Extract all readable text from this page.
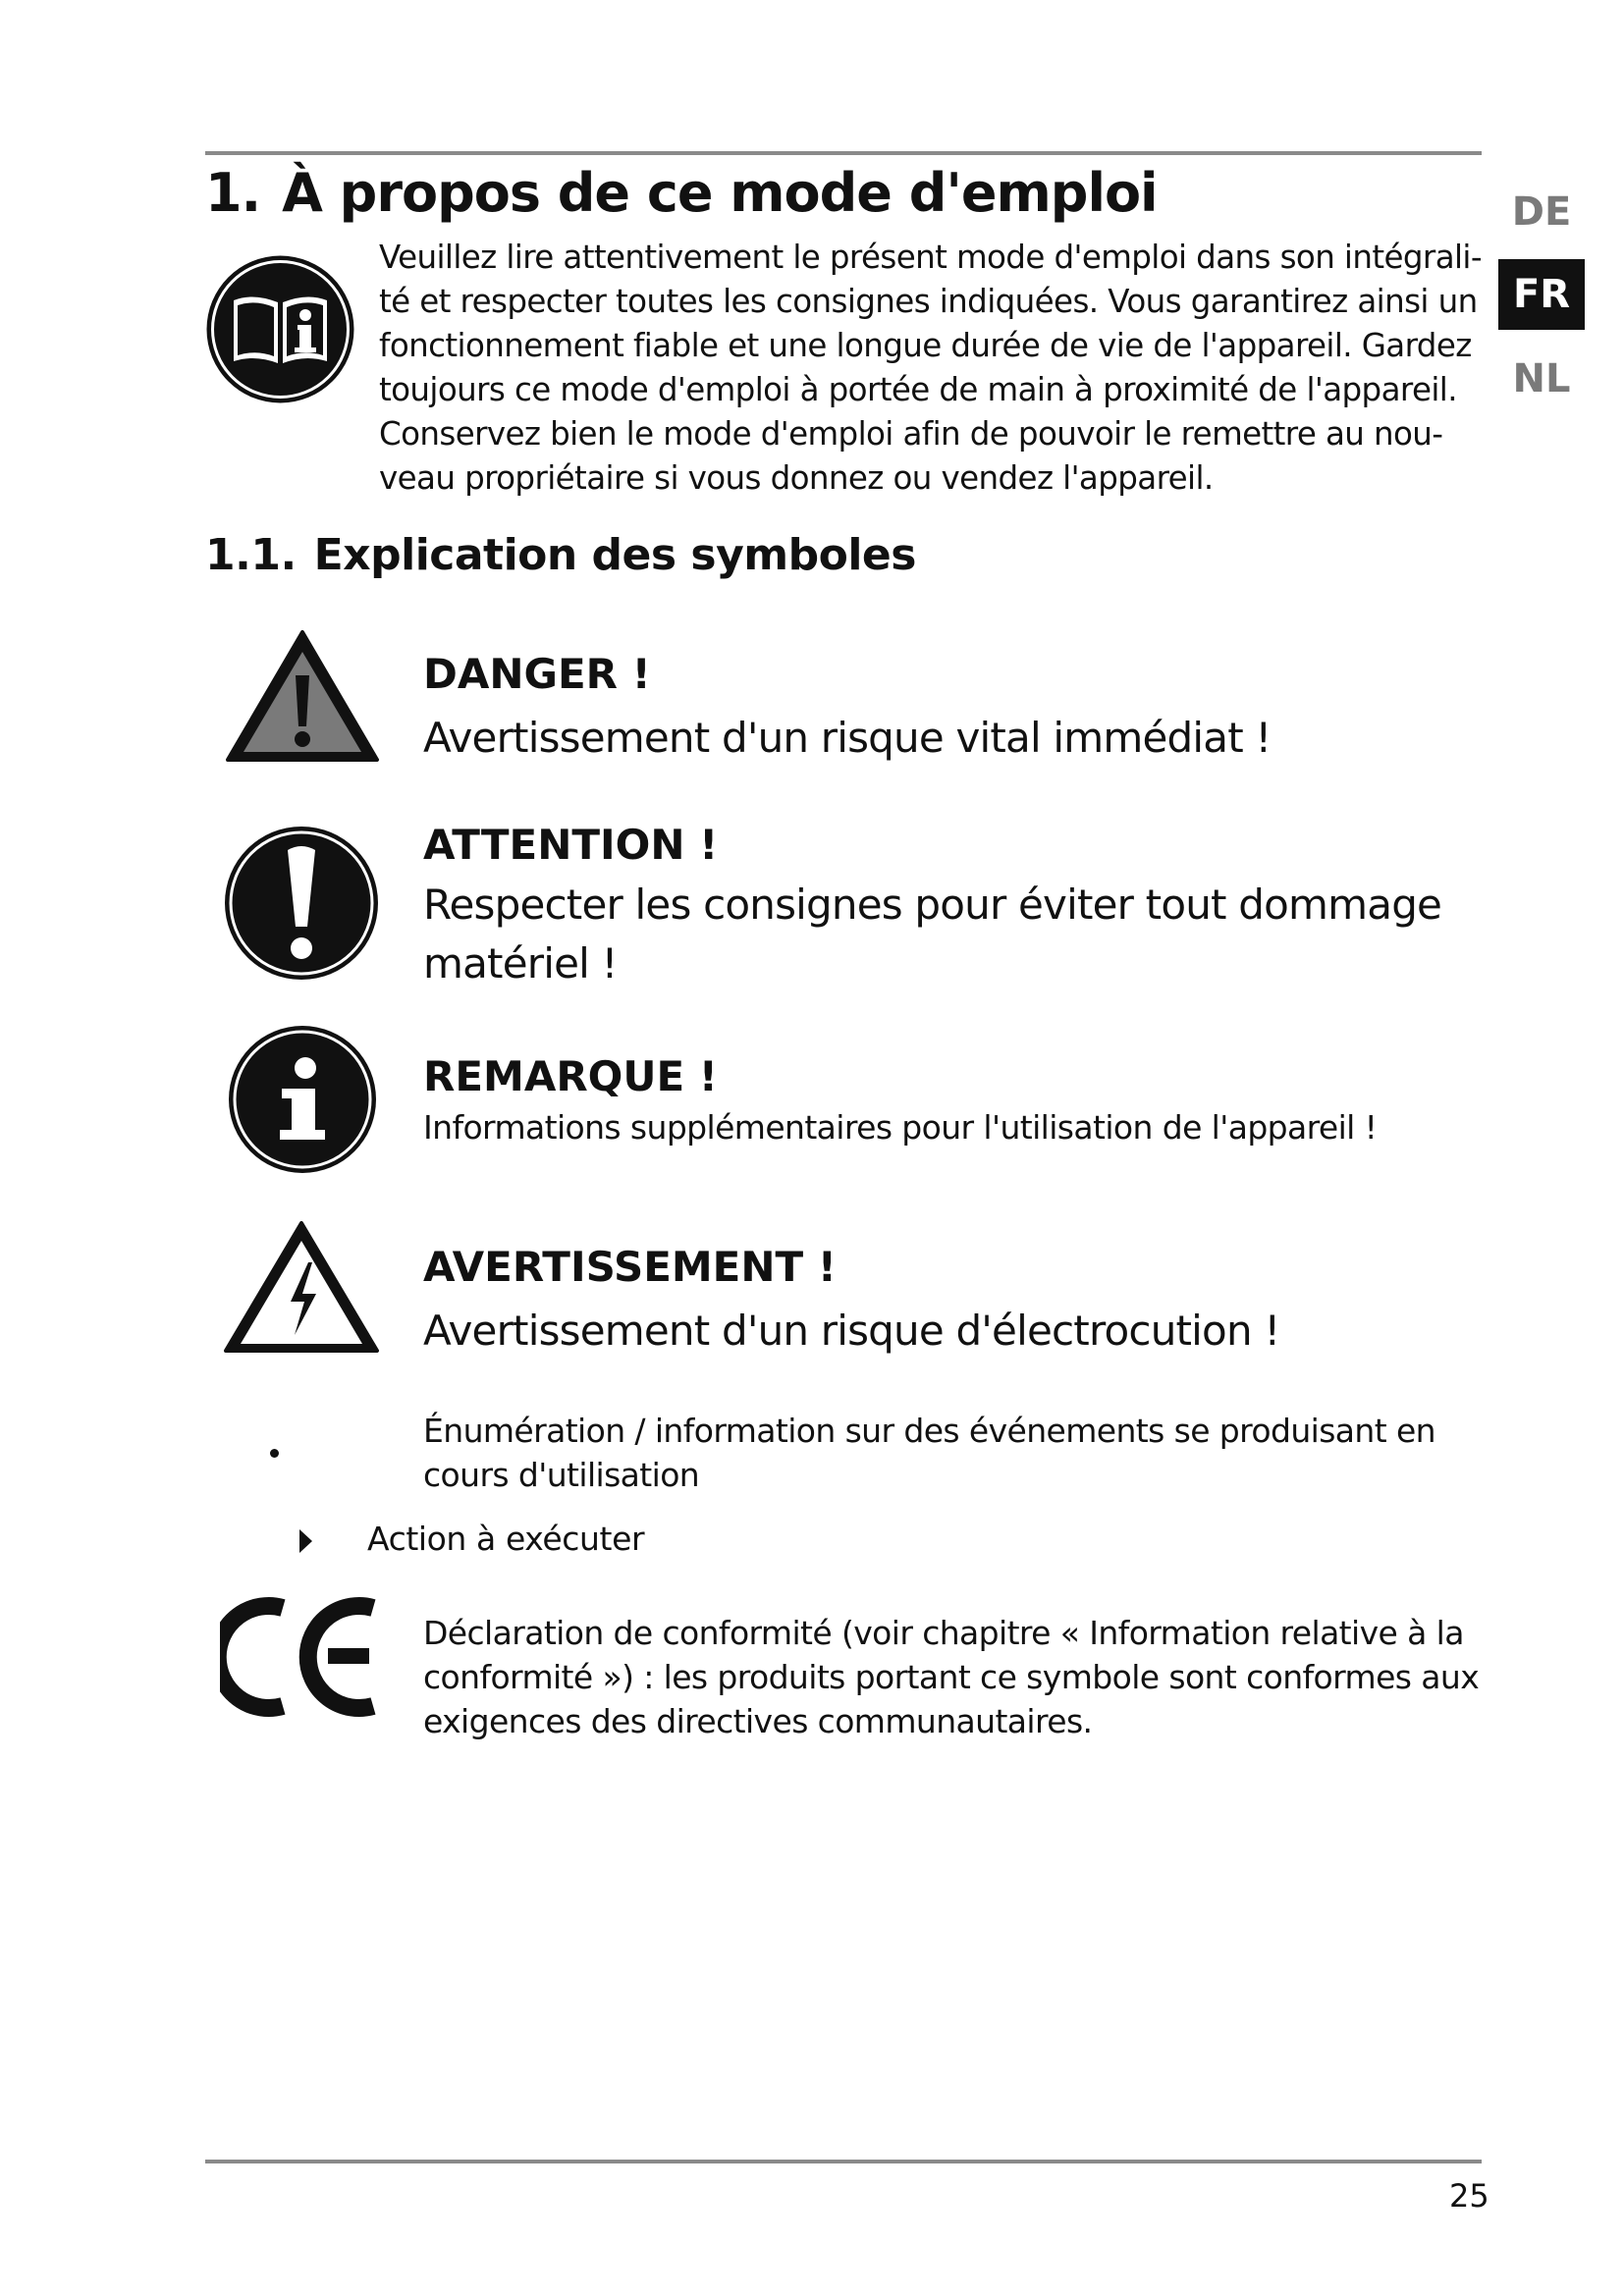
1. À propos de ce mode d'emploi	DE
FR
NL
Veuillez lire attentivement le présent mode d'emploi dans son intégrali-
té et respecter toutes les consignes indiquées. Vous garantirez ainsi un
fonctionnement fiable et une longue durée de vie de l'appareil. Gardez
toujours ce mode d'emploi à portée de main à proximité de l'appareil.
Conservez bien le mode d'emploi afin de pouvoir le remettre au nou-
veau propriétaire si vous donnez ou vendez l'appareil.
1.1. Explication des symboles
DANGER !
Avertissement d'un risque vital immédiat !
ATTENTION !
Respecter les consignes pour éviter tout dommage
matériel !
REMARQUE !
Informations supplémentaires pour l'utilisation de l'appareil !
AVERTISSEMENT !
Avertissement d'un risque d'électrocution !
Énumération / information sur des événements se produisant en
cours d'utilisation
Action à exécuter
Déclaration de conformité (voir chapitre « Information relative à la
conformité ») : les produits portant ce symbole sont conformes aux
exigences des directives communautaires.
25
